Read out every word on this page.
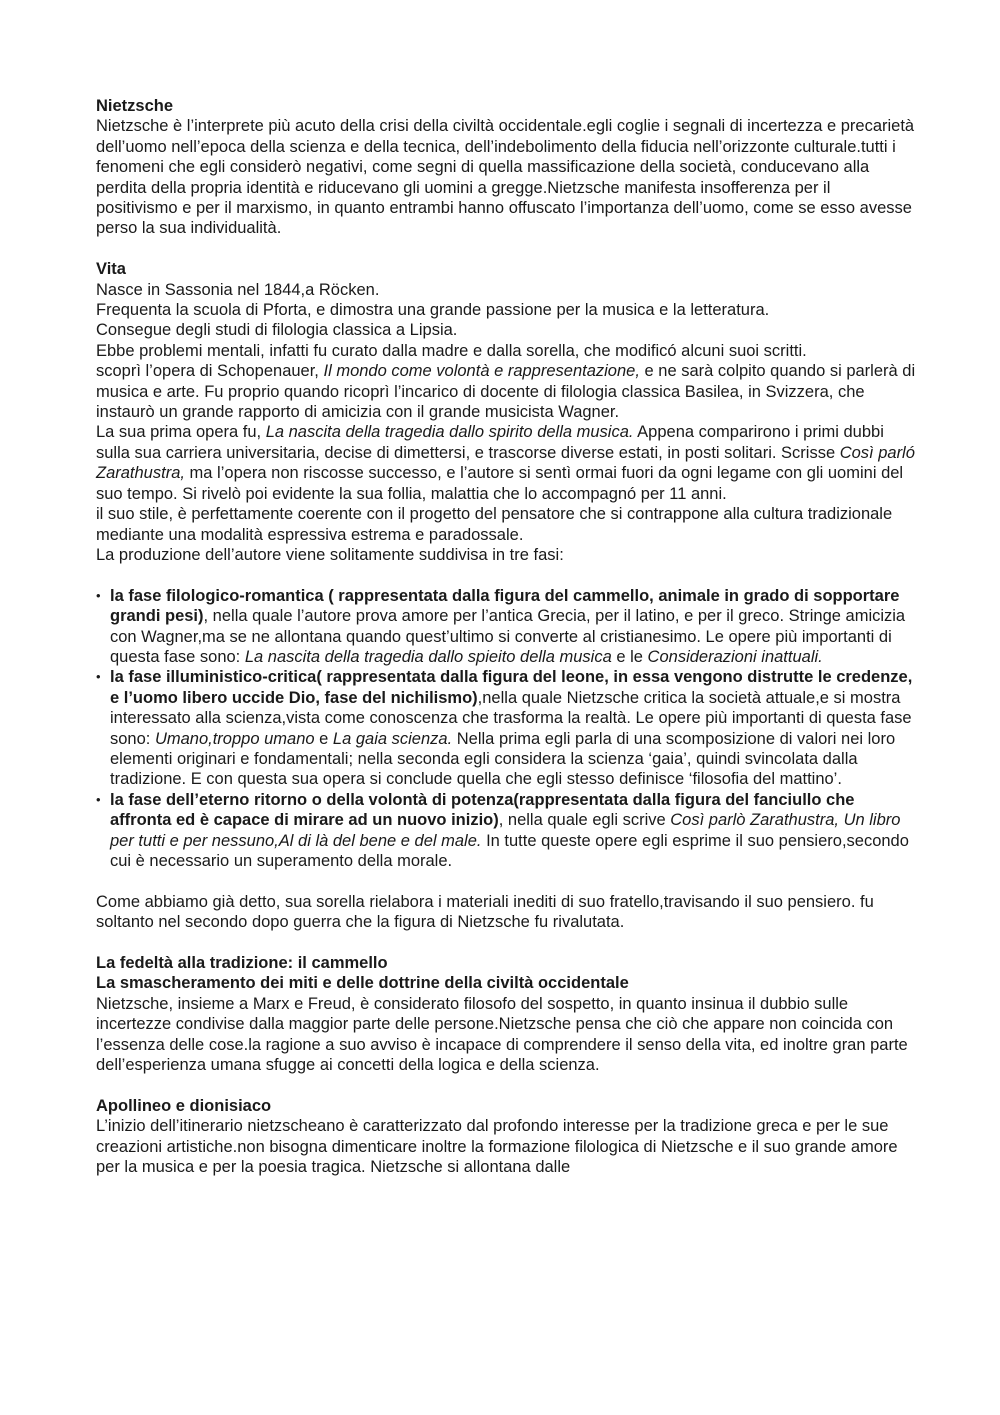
Nietzsche

Nietzsche è l’interprete più acuto della crisi della civiltà occidentale.egli coglie i segnali di incertezza e precarietà dell’uomo nell’epoca della scienza e della tecnica, dell’indebolimento della fiducia nell’orizzonte culturale.tutti i fenomeni che egli considerò negativi, come segni di quella massificazione della società, conducevano alla perdita della propria identità e riducevano gli uomini a gregge.Nietzsche manifesta insofferenza per il positivismo e per il marxismo, in quanto entrambi hanno offuscato l’importanza dell’uomo, come se esso avesse perso la sua individualità.

Vita

Nasce in Sassonia nel 1844,a Röcken.

Frequenta la scuola di Pforta, e dimostra una grande passione per la musica e la letteratura.

Consegue degli studi di filologia classica a Lipsia.

Ebbe problemi mentali, infatti fu curato dalla madre e dalla sorella, che modificó alcuni suoi scritti.

scoprì l’opera di Schopenauer, Il mondo come volontà e rappresentazione, e ne sarà colpito quando si parlerà di musica e arte. Fu proprio quando ricoprì l’incarico di docente di filologia classica Basilea, in Svizzera, che instaurò un grande rapporto di amicizia con il grande musicista Wagner.

La sua prima opera fu, La nascita della tragedia dallo spirito della musica. Appena comparirono i primi dubbi sulla sua carriera universitaria, decise di dimettersi, e trascorse diverse estati, in posti solitari. Scrisse Così parló Zarathustra, ma l’opera non riscosse successo, e l’autore si sentì ormai fuori da ogni legame con gli uomini del suo tempo. Si rivelò poi evidente la sua follia, malattia che lo accompagnó per 11 anni.

il suo stile, è perfettamente coerente con il progetto del pensatore che si contrappone alla cultura tradizionale mediante una modalità espressiva estrema e paradossale.

La produzione dell’autore viene solitamente suddivisa in tre fasi:

• la fase filologico-romantica ( rappresentata dalla figura del cammello, animale in grado di sopportare grandi pesi), nella quale l’autore prova amore per l’antica Grecia, per il latino, e per il greco. Stringe amicizia con Wagner,ma se ne allontana quando quest’ultimo si converte al cristianesimo. Le opere più importanti di questa fase sono: La nascita della tragedia dallo spieito della musica e le Considerazioni inattuali.
• la fase illuministico-critica( rappresentata dalla figura del leone, in essa vengono distrutte le credenze, e l’uomo libero uccide Dio, fase del nichilismo),nella quale Nietzsche critica la società attuale,e si mostra interessato alla scienza,vista come conoscenza che trasforma la realtà. Le opere più importanti di questa fase sono: Umano,troppo umano e La gaia scienza. Nella prima egli parla di una scomposizione di valori nei loro elementi originari e fondamentali; nella seconda egli considera la scienza ‘gaia’, quindi svincolata dalla tradizione. E con questa sua opera si conclude quella che egli stesso definisce ‘filosofia del mattino’.
• la fase dell’eterno ritorno o della volontà di potenza(rappresentata dalla figura del fanciullo che affronta ed è capace di mirare ad un nuovo inizio), nella quale egli scrive Così parlò Zarathustra, Un libro per tutti e per nessuno,Al di là del bene e del male. In tutte queste opere egli esprime il suo pensiero,secondo cui è necessario un superamento della morale.

Come abbiamo già detto, sua sorella rielabora i materiali inediti di suo fratello,travisando il suo pensiero. fu soltanto nel secondo dopo guerra che la figura di Nietzsche fu rivalutata.

La fedeltà alla tradizione: il cammello

La smascheramento dei miti e delle dottrine della civiltà occidentale

Nietzsche, insieme a Marx e Freud, è considerato filosofo del sospetto, in quanto insinua il dubbio sulle incertezze condivise dalla maggior parte delle persone.Nietzsche pensa che ciò che appare non coincida con l’essenza delle cose.la ragione a suo avviso è incapace di comprendere il senso della vita, ed inoltre gran parte dell’esperienza umana sfugge ai concetti della logica e della scienza.

Apollineo e dionisiaco

L’inizio dell’itinerario nietzscheano è caratterizzato dal profondo interesse per la tradizione greca e per le sue creazioni artistiche.non bisogna dimenticare inoltre la formazione filologica di Nietzsche e il suo grande amore per la musica e per la poesia tragica. Nietzsche si allontana dalle
